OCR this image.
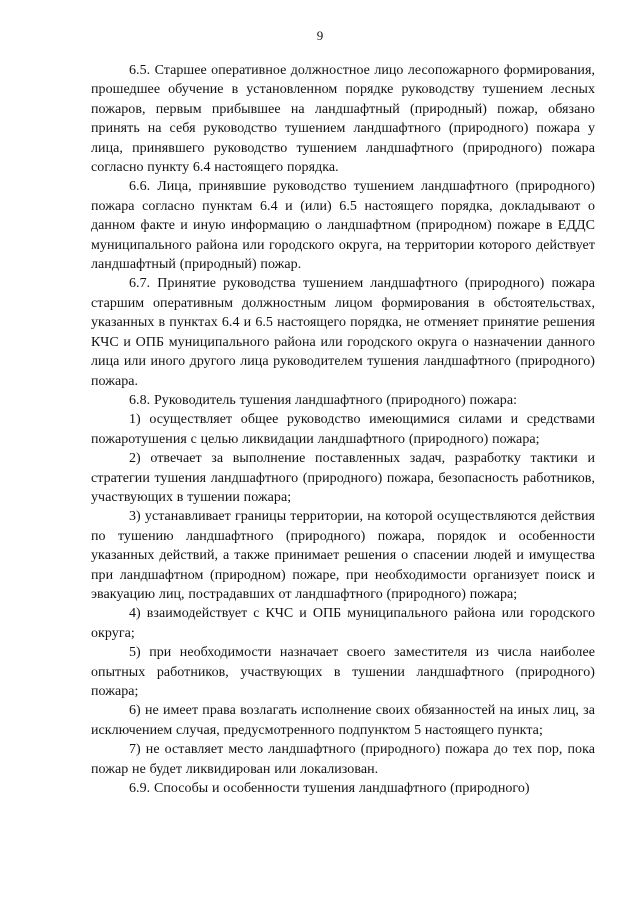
9

6.5. Старшее оперативное должностное лицо лесопожарного формирования, прошедшее обучение в установленном порядке руководству тушением лесных пожаров, первым прибывшее на ландшафтный (природный) пожар, обязано принять на себя руководство тушением ландшафтного (природного) пожара у лица, принявшего руководство тушением ландшафтного (природного) пожара согласно пункту 6.4 настоящего порядка.

6.6. Лица, принявшие руководство тушением ландшафтного (природного) пожара согласно пунктам 6.4 и (или) 6.5 настоящего порядка, докладывают о данном факте и иную информацию о ландшафтном (природном) пожаре в ЕДДС муниципального района или городского округа, на территории которого действует ландшафтный (природный) пожар.

6.7. Принятие руководства тушением ландшафтного (природного) пожара старшим оперативным должностным лицом формирования в обстоятельствах, указанных в пунктах 6.4 и 6.5 настоящего порядка, не отменяет принятие решения КЧС и ОПБ муниципального района или городского округа о назначении данного лица или иного другого лица руководителем тушения ландшафтного (природного) пожара.

6.8. Руководитель тушения ландшафтного (природного) пожара:

1) осуществляет общее руководство имеющимися силами и средствами пожаротушения с целью ликвидации ландшафтного (природного) пожара;

2) отвечает за выполнение поставленных задач, разработку тактики и стратегии тушения ландшафтного (природного) пожара, безопасность работников, участвующих в тушении пожара;

3) устанавливает границы территории, на которой осуществляются действия по тушению ландшафтного (природного) пожара, порядок и особенности указанных действий, а также принимает решения о спасении людей и имущества при ландшафтном (природном) пожаре, при необходимости организует поиск и эвакуацию лиц, пострадавших от ландшафтного (природного) пожара;

4) взаимодействует с КЧС и ОПБ муниципального района или городского округа;

5) при необходимости назначает своего заместителя из числа наиболее опытных работников, участвующих в тушении ландшафтного (природного) пожара;

6) не имеет права возлагать исполнение своих обязанностей на иных лиц, за исключением случая, предусмотренного подпунктом 5 настоящего пункта;

7) не оставляет место ландшафтного (природного) пожара до тех пор, пока пожар не будет ликвидирован или локализован.

6.9. Способы и особенности тушения ландшафтного (природного)
